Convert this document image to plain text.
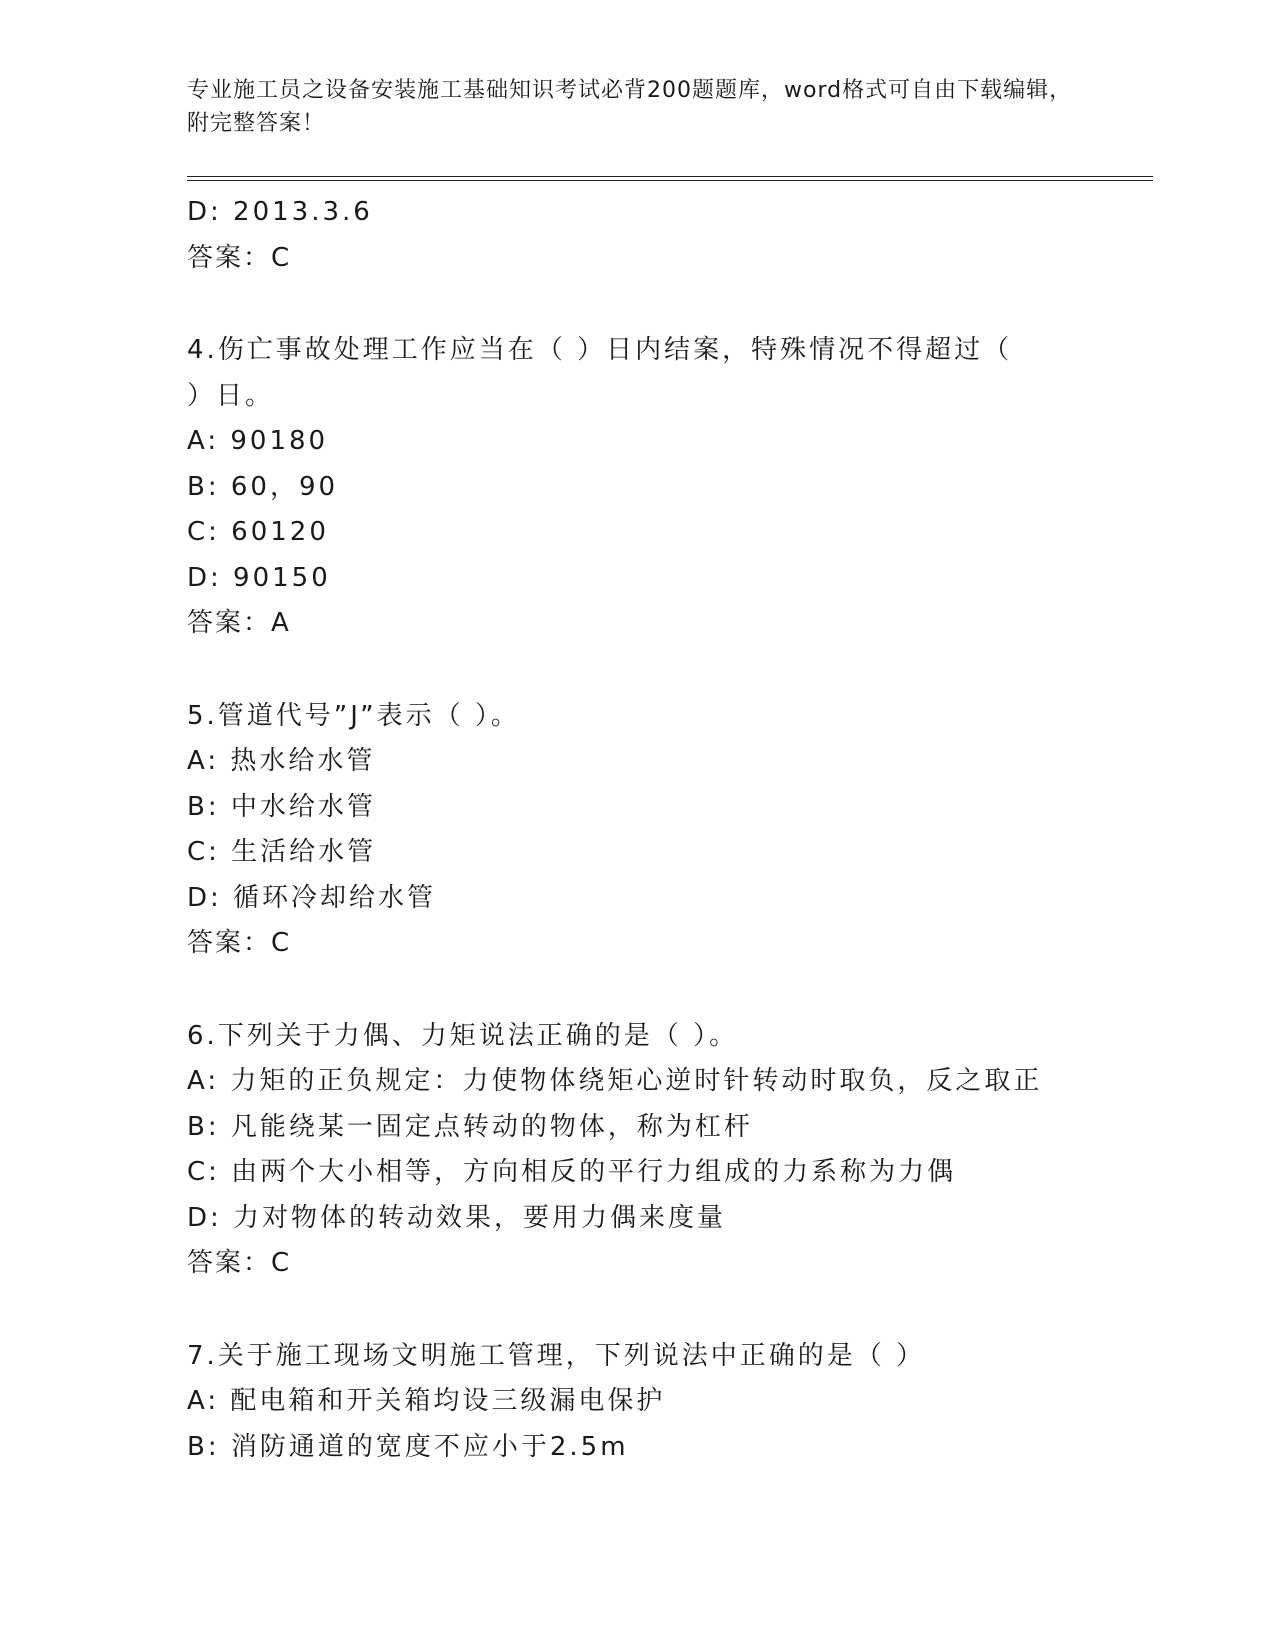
专业施工员之设备安装施工基础知识考试必背200题题库，word格式可自由下载编辑，附完整答案！
D: 2013.3.6
答案：C
4.伤亡事故处理工作应当在（ ）日内结案，特殊情况不得超过（ ）日。
A: 90180
B: 60，90
C: 60120
D: 90150
答案：A
5.管道代号”J”表示（ ）。
A: 热水给水管
B: 中水给水管
C: 生活给水管
D: 循环冷却给水管
答案：C
6.下列关于力偶、力矩说法正确的是（ ）。
A: 力矩的正负规定：力使物体绕矩心逆时针转动时取负，反之取正
B: 凡能绕某一固定点转动的物体，称为杠杆
C: 由两个大小相等，方向相反的平行力组成的力系称为力偶
D: 力对物体的转动效果，要用力偶来度量
答案：C
7.关于施工现场文明施工管理，下列说法中正确的是（ ）
A: 配电箱和开关箱均设三级漏电保护
B: 消防通道的宽度不应小于2.5m
